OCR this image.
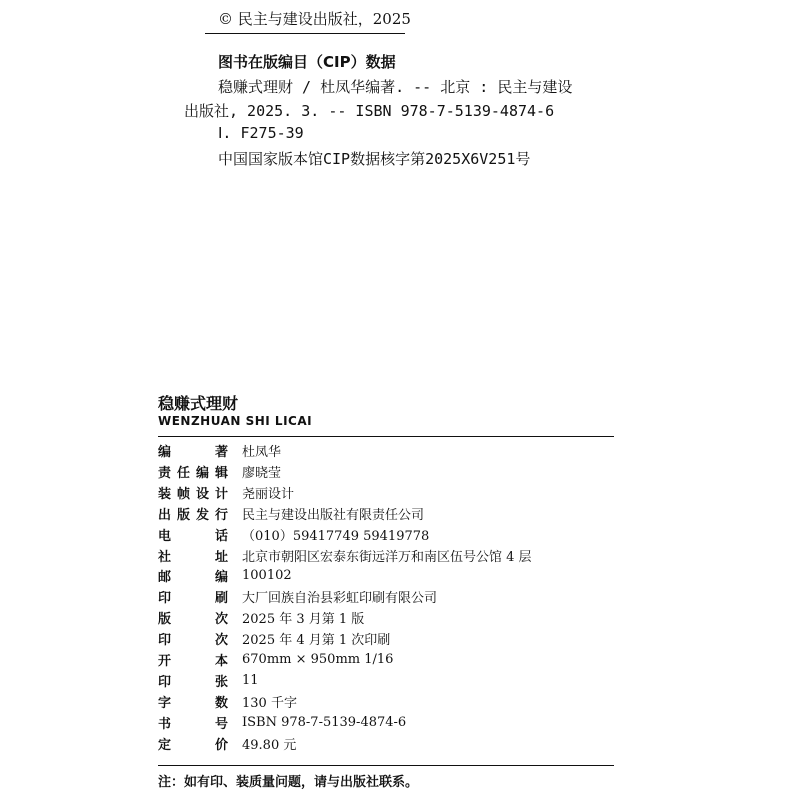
© 民主与建设出版社，2025
图书在版编目（CIP）数据
稳赚式理财 / 杜凤华编著. -- 北京 : 民主与建设
出版社, 2025. 3. -- ISBN 978-7-5139-4874-6
Ⅰ. F275-39
中国国家版本馆CIP数据核字第2025X6V251号
稳赚式理财
WENZHUAN SHI LICAI
编	著 杜凤华
责 任 编 辑 廖晓莹
装 帧 设 计 尧丽设计
出 版 发 行 民主与建设出版社有限责任公司
电	话 （010）59417749 59419778
社	址 北京市朝阳区宏泰东街远洋万和南区伍号公馆 4 层
邮	编 100102
印	刷 大厂回族自治县彩虹印刷有限公司
版	次 2025 年 3 月第 1 版
印	次 2025 年 4 月第 1 次印刷
开	本 670mm × 950mm 1/16
印	张 11
字	数 130 千字
书	号 ISBN 978-7-5139-4874-6
定	价 49.80 元
注：如有印、装质量问题，请与出版社联系。
